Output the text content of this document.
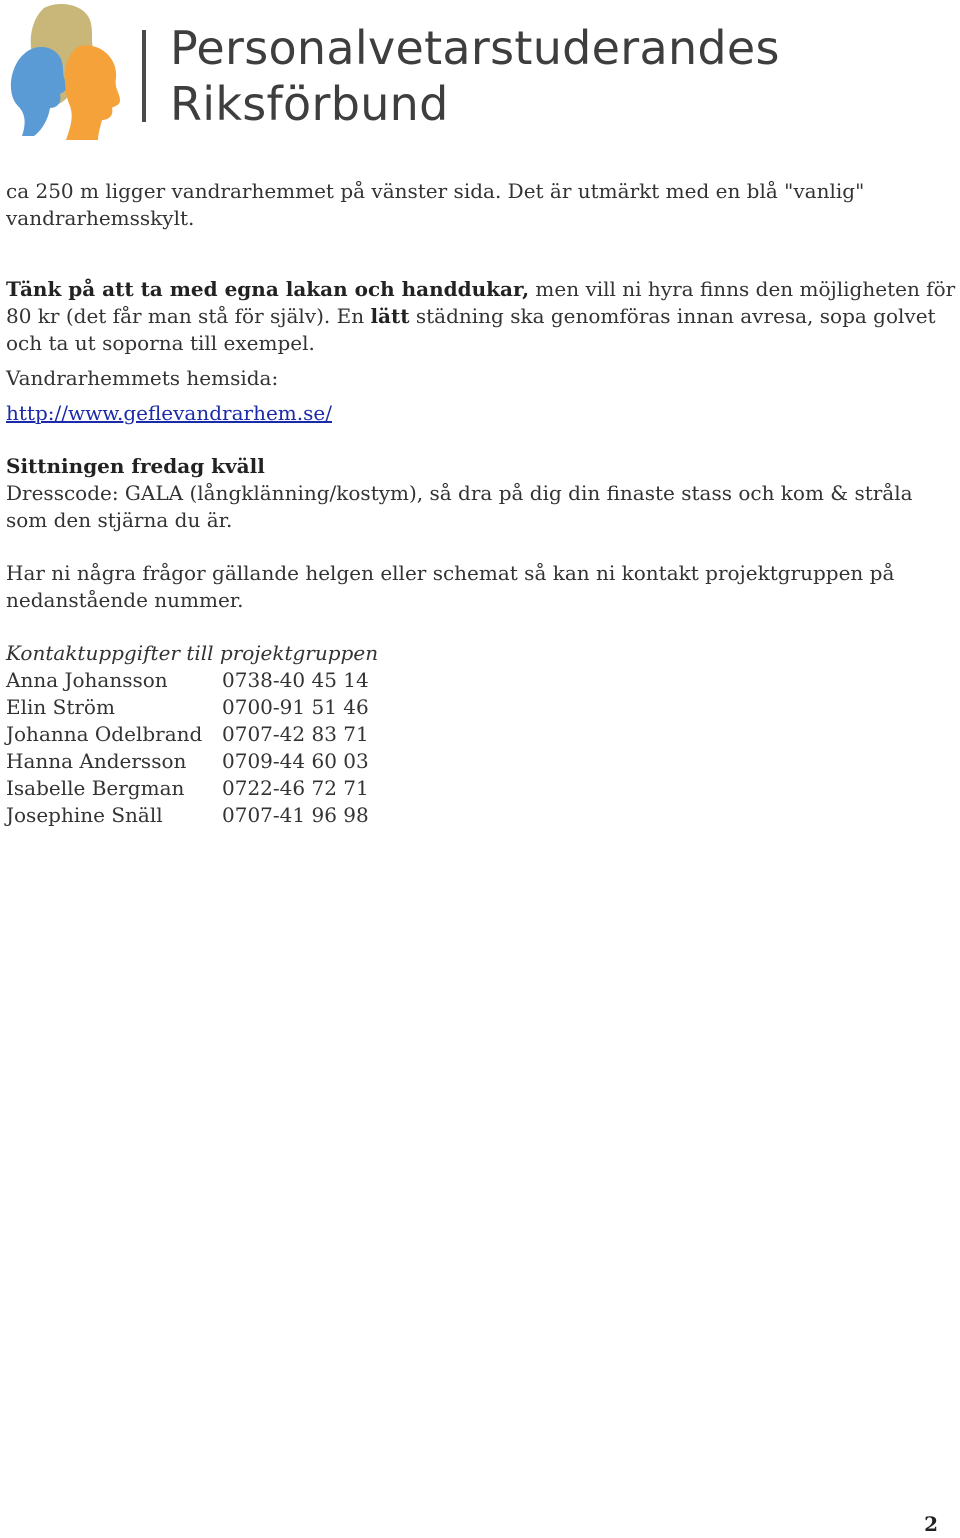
Personalvetarstuderandes
Riksförbund

ca 250 m ligger vandrarhemmet på vänster sida. Det är utmärkt med en blå "vanlig" vandrarhemsskylt.

Tänk på att ta med egna lakan och handdukar, men vill ni hyra finns den möjligheten för 80 kr (det får man stå för själv). En lätt städning ska genomföras innan avresa, sopa golvet och ta ut soporna till exempel.

Vandrarhemmets hemsida:

http://www.geflevandrarhem.se/

Sittningen fredag kväll

Dresscode: GALA (långklänning/kostym), så dra på dig din finaste stass och kom & stråla som den stjärna du är.

Har ni några frågor gällande helgen eller schemat så kan ni kontakt projektgruppen på nedanstående nummer.

Kontaktuppgifter till projektgruppen

Anna Johansson	0738-40 45 14
Elin Ström	0700-91 51 46
Johanna Odelbrand 0707-42 83 71
Hanna Andersson	0709-44 60 03
Isabelle Bergman	0722-46 72 71
Josephine Snäll	0707-41 96 98
2
